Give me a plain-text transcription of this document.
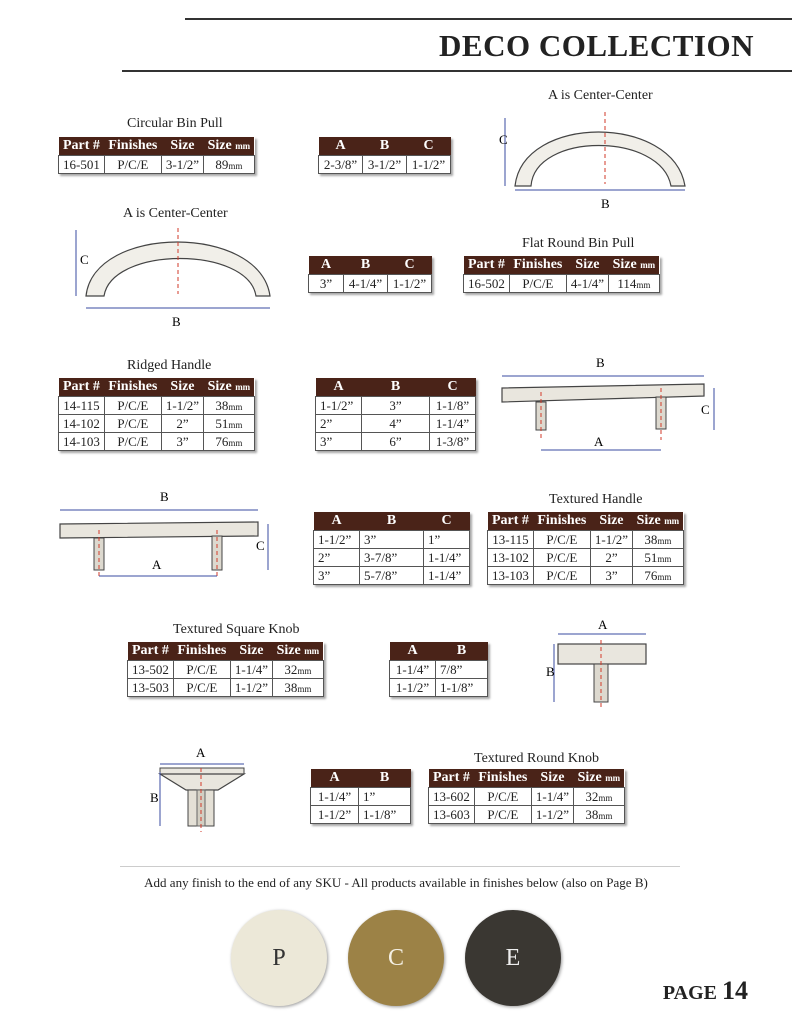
DECO COLLECTION
Circular Bin Pull
Part #	Finishes	Size	Size mm
16-501	P/C/E	3-1/2”	89mm
A	B	C
2-3/8”	3-1/2”	1-1/2”
A is Center-Center
C
B
A is Center-Center
C
B
A	B	C
3”	4-1/4”	1-1/2”
Flat Round Bin Pull
Part #	Finishes	Size	Size mm
16-502	P/C/E	4-1/4”	114mm
Ridged Handle
Part #	Finishes	Size	Size mm
14-115	P/C/E	1-1/2”	38mm
14-102	P/C/E	2”	51mm
14-103	P/C/E	3”	76mm
A	B	C
1-1/2”	3”	1-1/8”
2”	4”	1-1/4”
3”	6”	1-3/8”
B
C
A
B
C
A
A	B	C
1-1/2”	3”	1”
2”	3-7/8”	1-1/4”
3”	5-7/8”	1-1/4”
Textured Handle
Part #	Finishes	Size	Size mm
13-115	P/C/E	1-1/2”	38mm
13-102	P/C/E	2”	51mm
13-103	P/C/E	3”	76mm
Textured Square Knob
Part #	Finishes	Size	Size mm
13-502	P/C/E	1-1/4”	32mm
13-503	P/C/E	1-1/2”	38mm
A	B
1-1/4”	7/8”
1-1/2”	1-1/8”
A
B
A
B
A	B
1-1/4”	1”
1-1/2”	1-1/8”
Textured Round Knob
Part #	Finishes	Size	Size mm
13-602	P/C/E	1-1/4”	32mm
13-603	P/C/E	1-1/2”	38mm
Add any finish to the end of any SKU - All products available in finishes below (also on Page B)
P	C	E
PAGE 14
